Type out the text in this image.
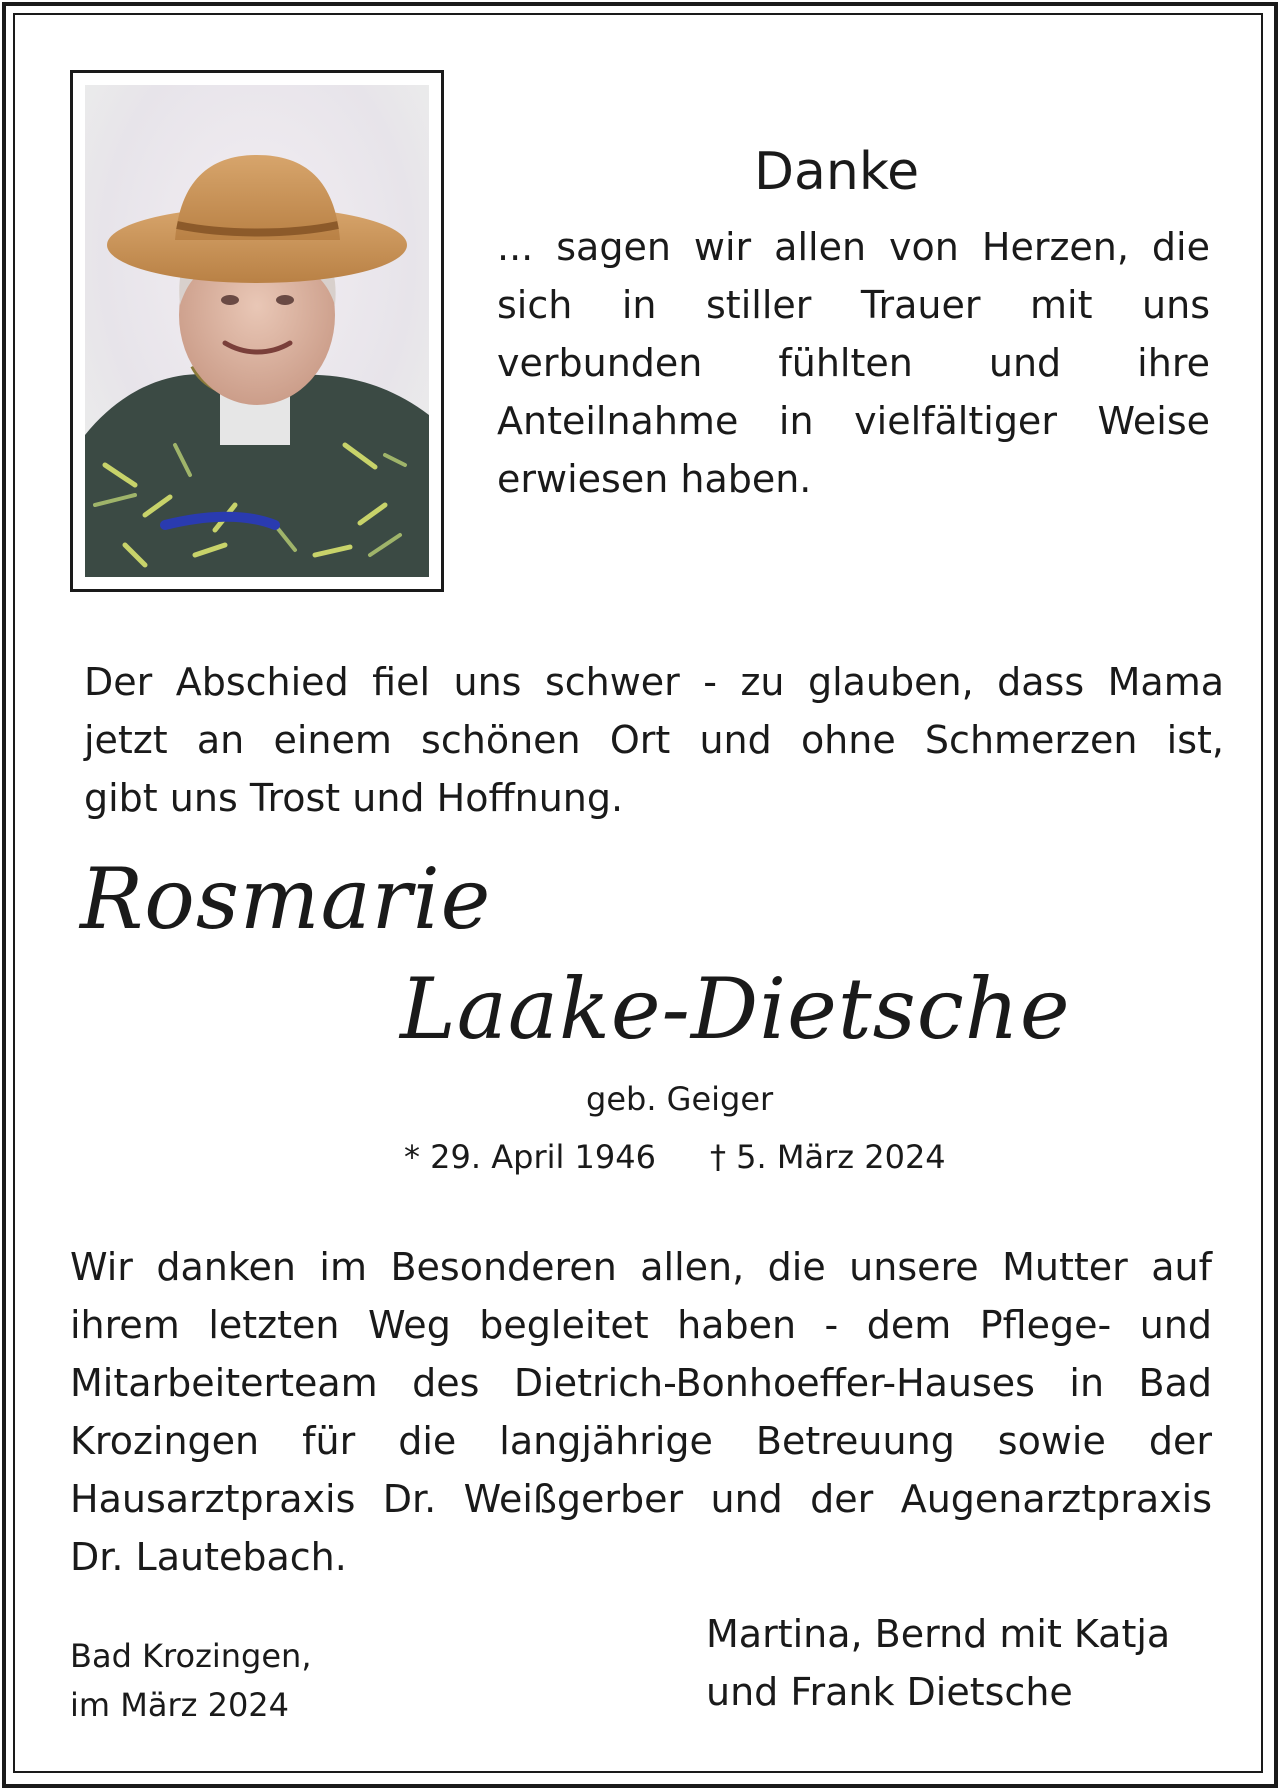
Danke

... sagen wir allen von Herzen, die

sich in stiller Trauer mit uns

verbunden fühlten und ihre

Anteilnahme in vielfältiger Weise

erwiesen haben.

Der Abschied fiel uns schwer - zu glauben, dass Mama

jetzt an einem schönen Ort und ohne Schmerzen ist,

gibt uns Trost und Hoffnung.

Rosmarie

Laake-Dietsche

geb. Geiger

* 29. April 1946 † 5. März 2024

Wir danken im Besonderen allen, die unsere Mutter auf

ihrem letzten Weg begleitet haben - dem Pflege- und

Mitarbeiterteam des Dietrich-Bonhoeffer-Hauses in Bad

Krozingen für die langjährige Betreuung sowie der

Hausarztpraxis Dr. Weißgerber und der Augenarztpraxis

Dr. Lautebach.

Bad Krozingen,

im März 2024

Martina, Bernd mit Katja

und Frank Dietsche
